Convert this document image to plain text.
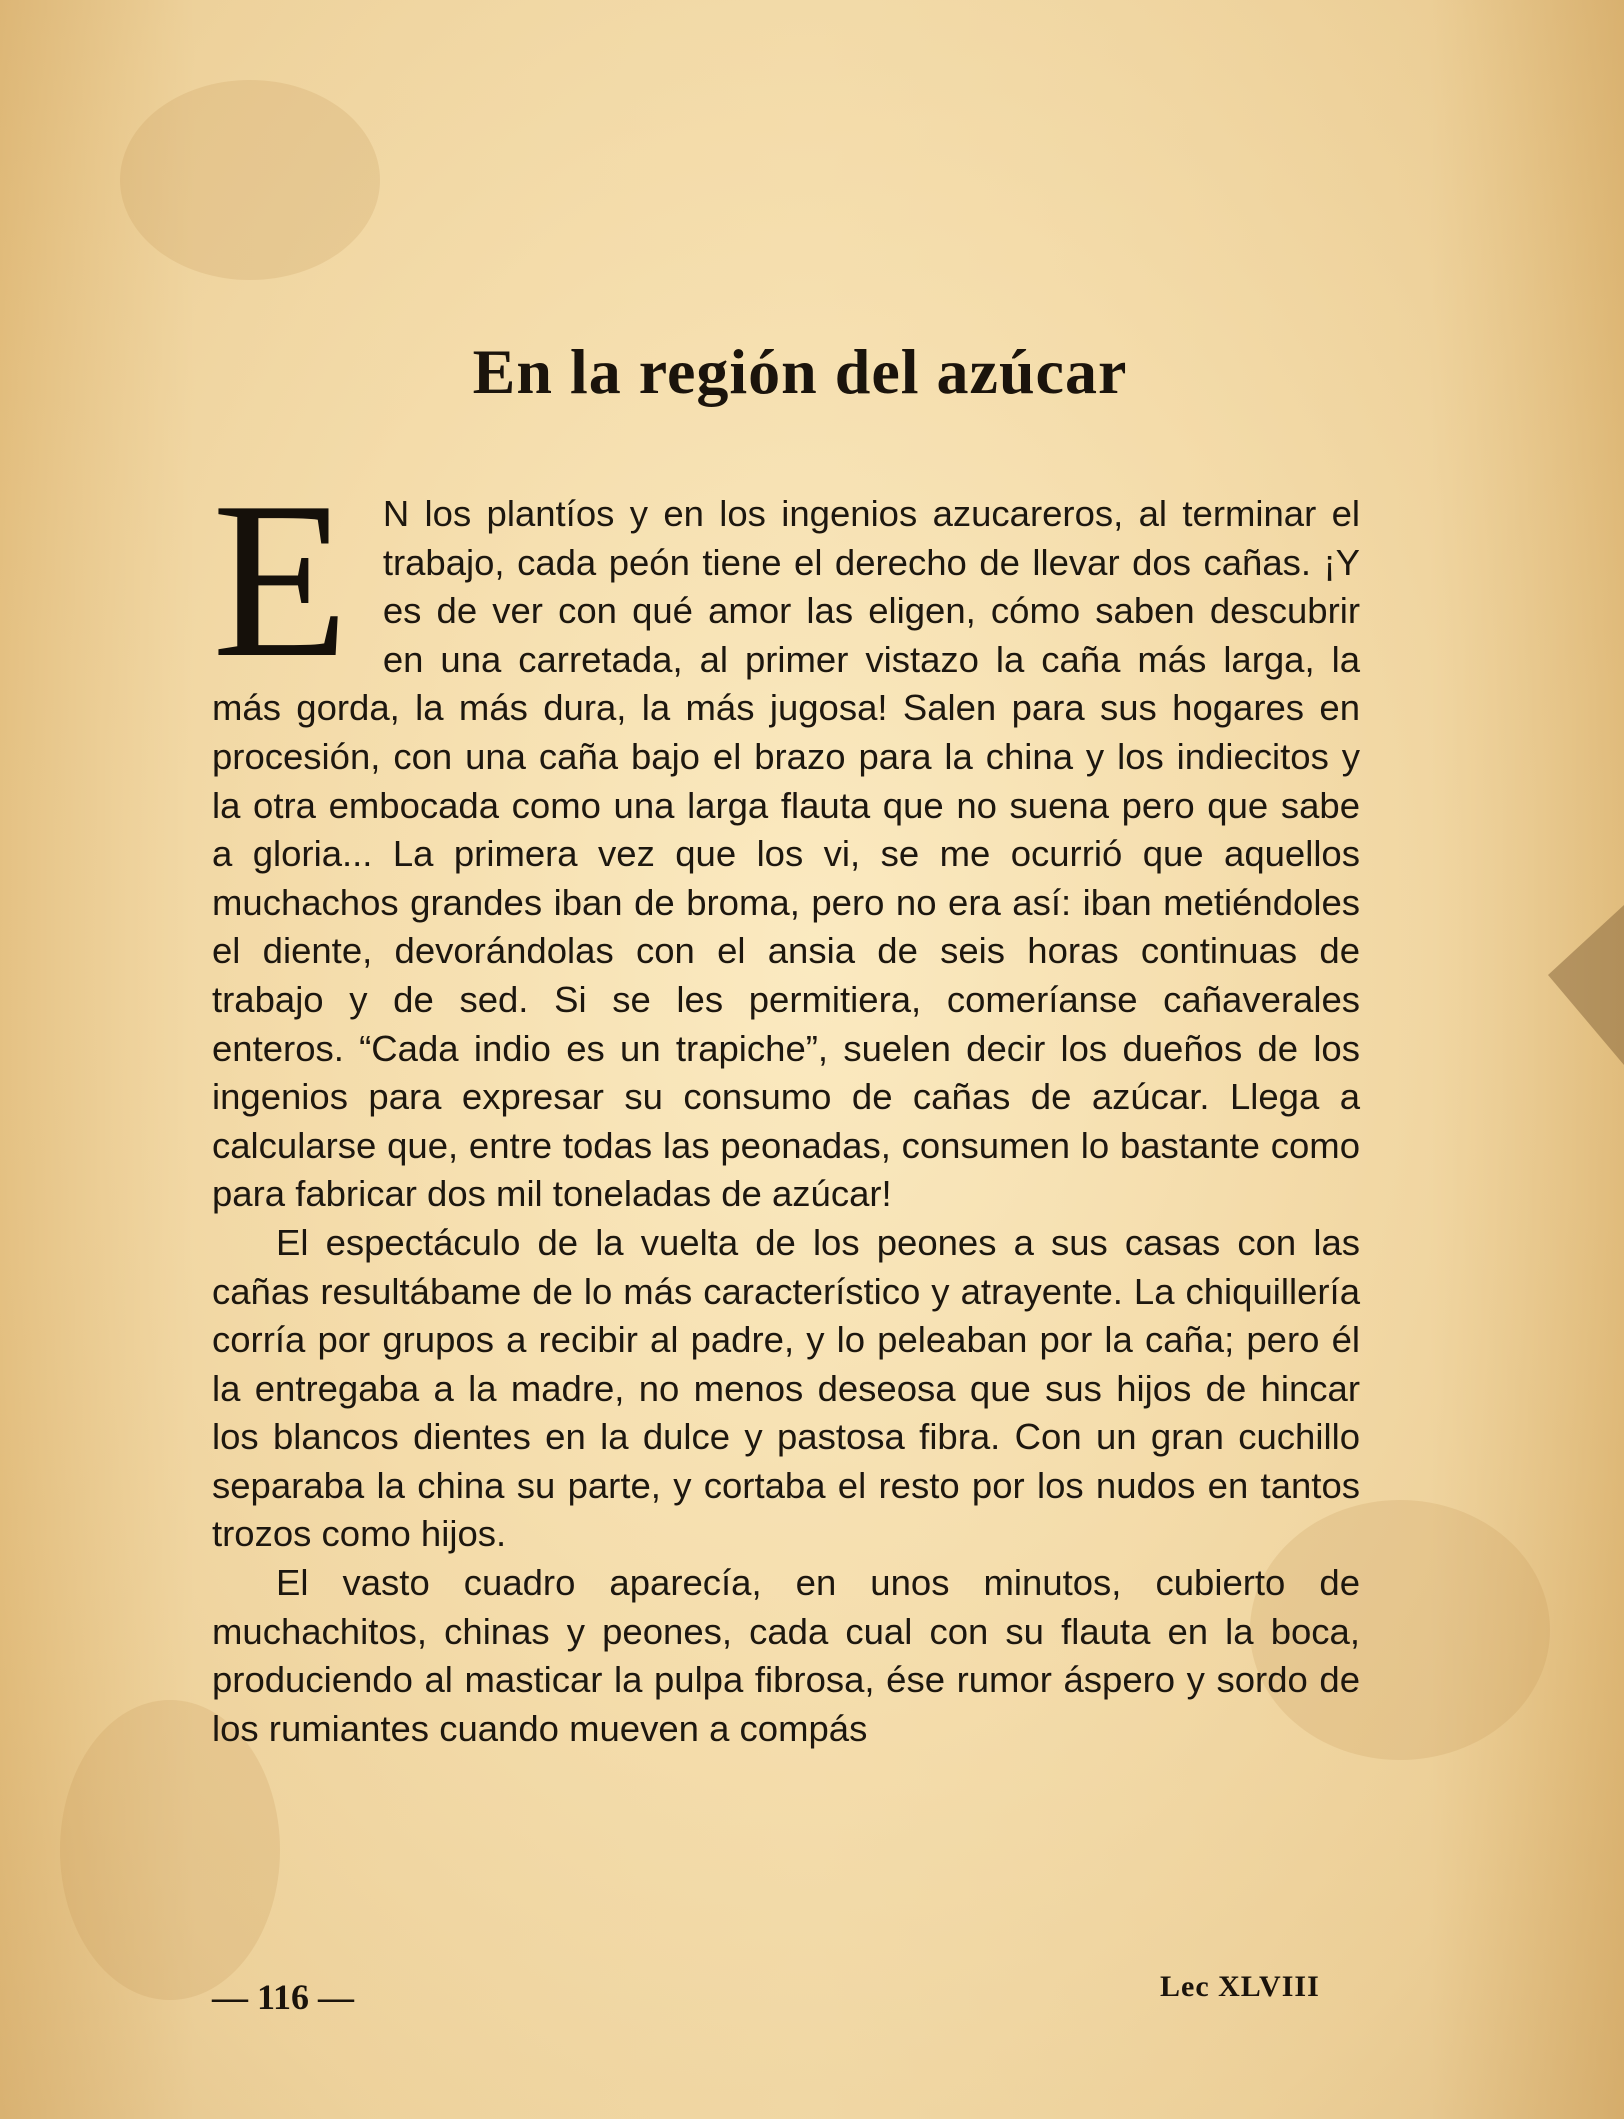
En la región del azúcar

E N los plantíos y en los ingenios azucareros, al terminar el trabajo, cada peón tiene el derecho de llevar dos cañas. ¡Y es de ver con qué amor las eligen, cómo saben descubrir en una carretada, al primer vistazo la caña más larga, la más gorda, la más dura, la más jugosa! Salen para sus hogares en procesión, con una caña bajo el brazo para la china y los indiecitos y la otra embocada como una larga flauta que no suena pero que sabe a gloria... La primera vez que los vi, se me ocurrió que aquellos muchachos grandes iban de broma, pero no era así: iban metiéndoles el diente, devorándolas con el ansia de seis horas continuas de trabajo y de sed. Si se les permitiera, comeríanse cañaverales enteros. “Cada indio es un trapiche”, suelen decir los dueños de los ingenios para expresar su consumo de cañas de azúcar. Llega a calcularse que, entre todas las peonadas, consumen lo bastante como para fabricar dos mil toneladas de azúcar!

El espectáculo de la vuelta de los peones a sus casas con las cañas resultábame de lo más característico y atrayente. La chiquillería corría por grupos a recibir al padre, y lo peleaban por la caña; pero él la entregaba a la madre, no menos deseosa que sus hijos de hincar los blancos dientes en la dulce y pastosa fibra. Con un gran cuchillo separaba la china su parte, y cortaba el resto por los nudos en tantos trozos como hijos.

El vasto cuadro aparecía, en unos minutos, cubierto de muchachitos, chinas y peones, cada cual con su flauta en la boca, produciendo al masticar la pulpa fibrosa, ése rumor áspero y sordo de los rumiantes cuando mueven a compás

— 116 —	Lec XLVIII
